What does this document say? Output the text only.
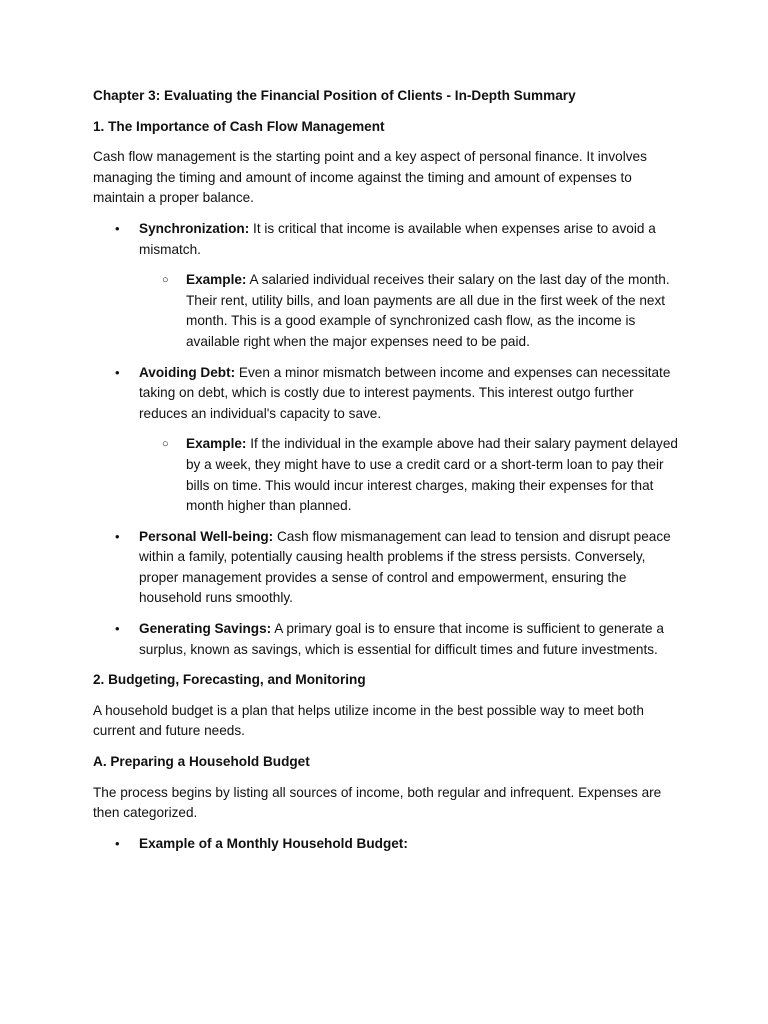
Chapter 3: Evaluating the Financial Position of Clients - In-Depth Summary

1. The Importance of Cash Flow Management

Cash flow management is the starting point and a key aspect of personal finance. It involves managing the timing and amount of income against the timing and amount of expenses to maintain a proper balance.

• Synchronization: It is critical that income is available when expenses arise to avoid a mismatch.
○ Example: A salaried individual receives their salary on the last day of the month. Their rent, utility bills, and loan payments are all due in the first week of the next month. This is a good example of synchronized cash flow, as the income is available right when the major expenses need to be paid.
• Avoiding Debt: Even a minor mismatch between income and expenses can necessitate taking on debt, which is costly due to interest payments. This interest outgo further reduces an individual's capacity to save.
○ Example: If the individual in the example above had their salary payment delayed by a week, they might have to use a credit card or a short-term loan to pay their bills on time. This would incur interest charges, making their expenses for that month higher than planned.
• Personal Well-being: Cash flow mismanagement can lead to tension and disrupt peace within a family, potentially causing health problems if the stress persists. Conversely, proper management provides a sense of control and empowerment, ensuring the household runs smoothly.
• Generating Savings: A primary goal is to ensure that income is sufficient to generate a surplus, known as savings, which is essential for difficult times and future investments.

2. Budgeting, Forecasting, and Monitoring

A household budget is a plan that helps utilize income in the best possible way to meet both current and future needs.

A. Preparing a Household Budget

The process begins by listing all sources of income, both regular and infrequent. Expenses are then categorized.

• Example of a Monthly Household Budget:
